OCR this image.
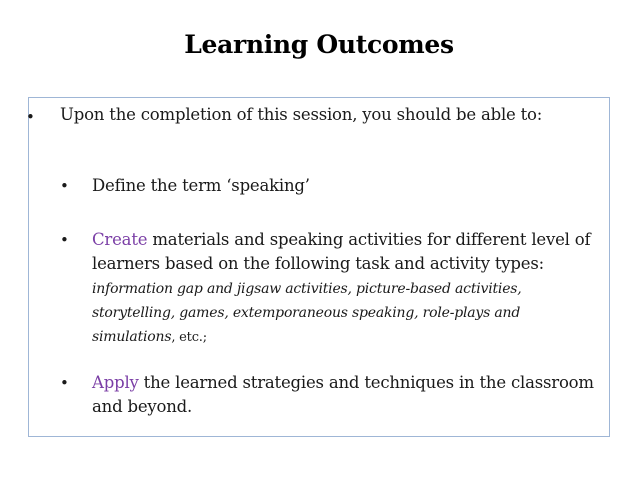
Learning Outcomes
• Upon the completion of this session, you should be able to:
• Define the term ‘speaking’
• Create materials and speaking activities for different level of learners based on the following task and activity types: information gap and jigsaw activities, picture-based activities, storytelling, games, extemporaneous speaking, role-plays and simulations, etc.;
• Apply the learned strategies and techniques in the classroom and beyond.
